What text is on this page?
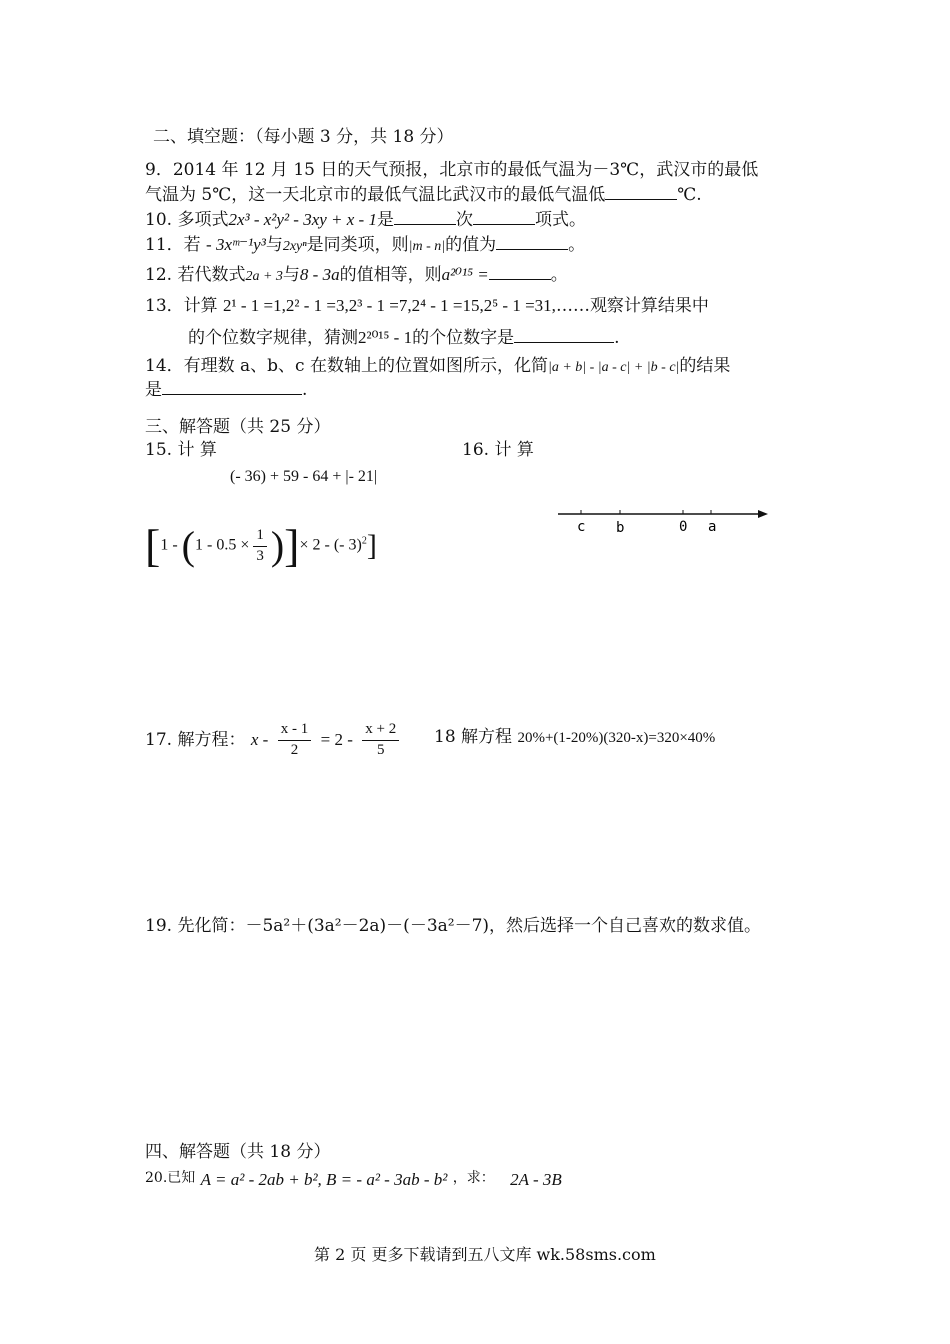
二、填空题：（每小题 3 分，共 18 分）
9．2014 年 12 月 15 日的天气预报，北京市的最低气温为－3℃，武汉市的最低
气温为 5℃，这一天北京市的最低气温比武汉市的最低气温低	℃.
10. 多项式2x³ - x²y² - 3xy + x - 1是	次	项式。
11．若 - 3xᵐ⁻¹y³与2xyⁿ是同类项，则|m - n|的值为	。
12. 若代数式2a + 3与8 - 3a的值相等，则a²⁰¹⁵ =	。
13．计算 2¹ - 1 =1,2² - 1 =3,2³ - 1 =7,2⁴ - 1 =15,2⁵ - 1 =31,……观察计算结果中
的个位数字规律，猜测2²⁰¹⁵ - 1的个位数字是	.
14．有理数 a、b、c 在数轴上的位置如图所示，化简|a + b| - |a - c| + |b - c|的结果
是	.
三、解答题（共 25 分）
15. 计 算	16. 计 算
(- 36) + 59 - 64 + |- 21|
c b	0 a
[$1 - (1 - 0.5 \times \frac{1}{3}$ )]× 2 - (- 3)$^2$]
17. 解方程： $x - \frac{x - 1}{2} = 2 - \frac{x + 2}{5} 18$ 解方程 20%+(1-20%)(320-x)=320×40%
19. 先化简：－5a²＋(3a²－2a)－(－3a²－7)，然后选择一个自己喜欢的数求值。
四、解答题（共 18 分）
$^{20.已知}$ A = a² - 2ab + b², B = - a² - 3ab - b² $^{,求:}$ 2A - 3B
第 2 页 更多下载请到五八文库 wk.58sms.com
